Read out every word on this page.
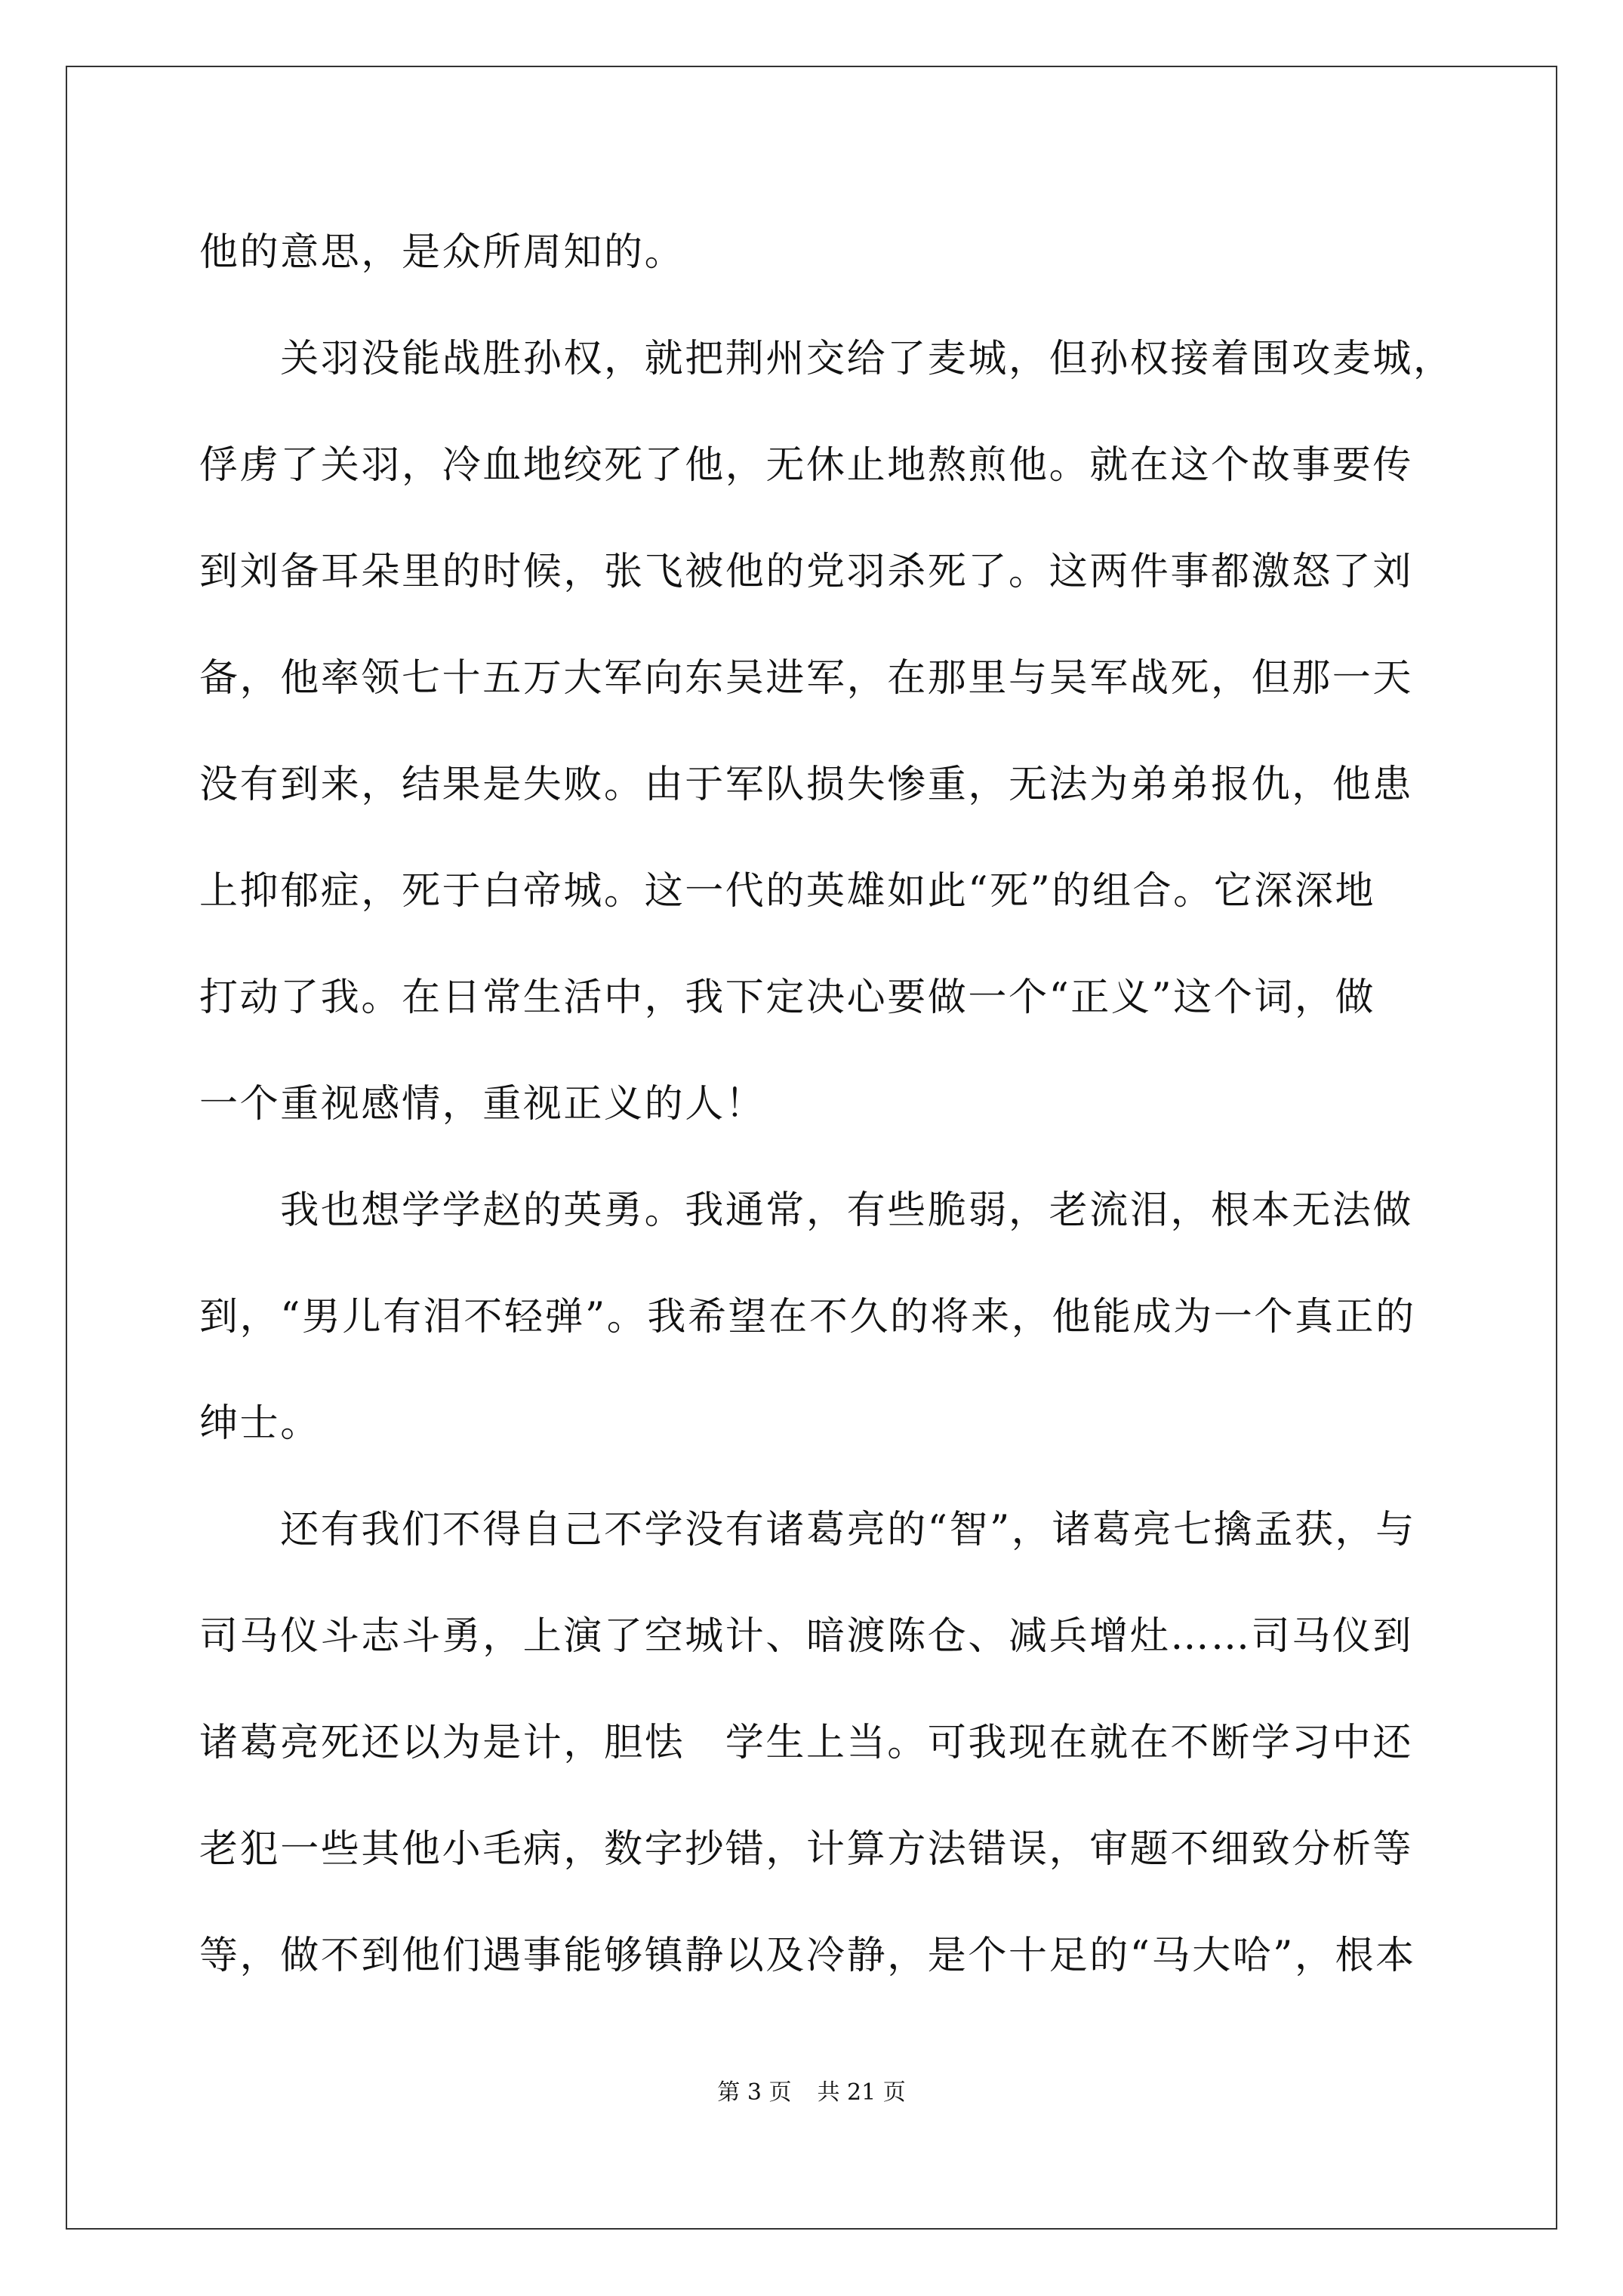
他的意思，是众所周知的。
　　关羽没能战胜孙权，就把荆州交给了麦城，但孙权接着围攻麦城，
俘虏了关羽，冷血地绞死了他，无休止地熬煎他。就在这个故事要传
到刘备耳朵里的时候，张飞被他的党羽杀死了。这两件事都激怒了刘
备，他率领七十五万大军向东吴进军，在那里与吴军战死，但那一天
没有到来，结果是失败。由于军队损失惨重，无法为弟弟报仇，他患
上抑郁症，死于白帝城。这一代的英雄如此“死”的组合。它深深地
打动了我。在日常生活中，我下定决心要做一个“正义”这个词，做
一个重视感情，重视正义的人！
　　我也想学学赵的英勇。我通常，有些脆弱，老流泪，根本无法做
到，“男儿有泪不轻弹”。我希望在不久的将来，他能成为一个真正的
绅士。
　　还有我们不得自己不学没有诸葛亮的“智”，诸葛亮七擒孟获，与
司马仪斗志斗勇，上演了空城计、暗渡陈仓、减兵增灶……司马仪到
诸葛亮死还以为是计，胆怯　学生上当。可我现在就在不断学习中还
老犯一些其他小毛病，数字抄错，计算方法错误，审题不细致分析等
等，做不到他们遇事能够镇静以及冷静，是个十足的“马大哈”，根本
第 3 页 共 21 页
